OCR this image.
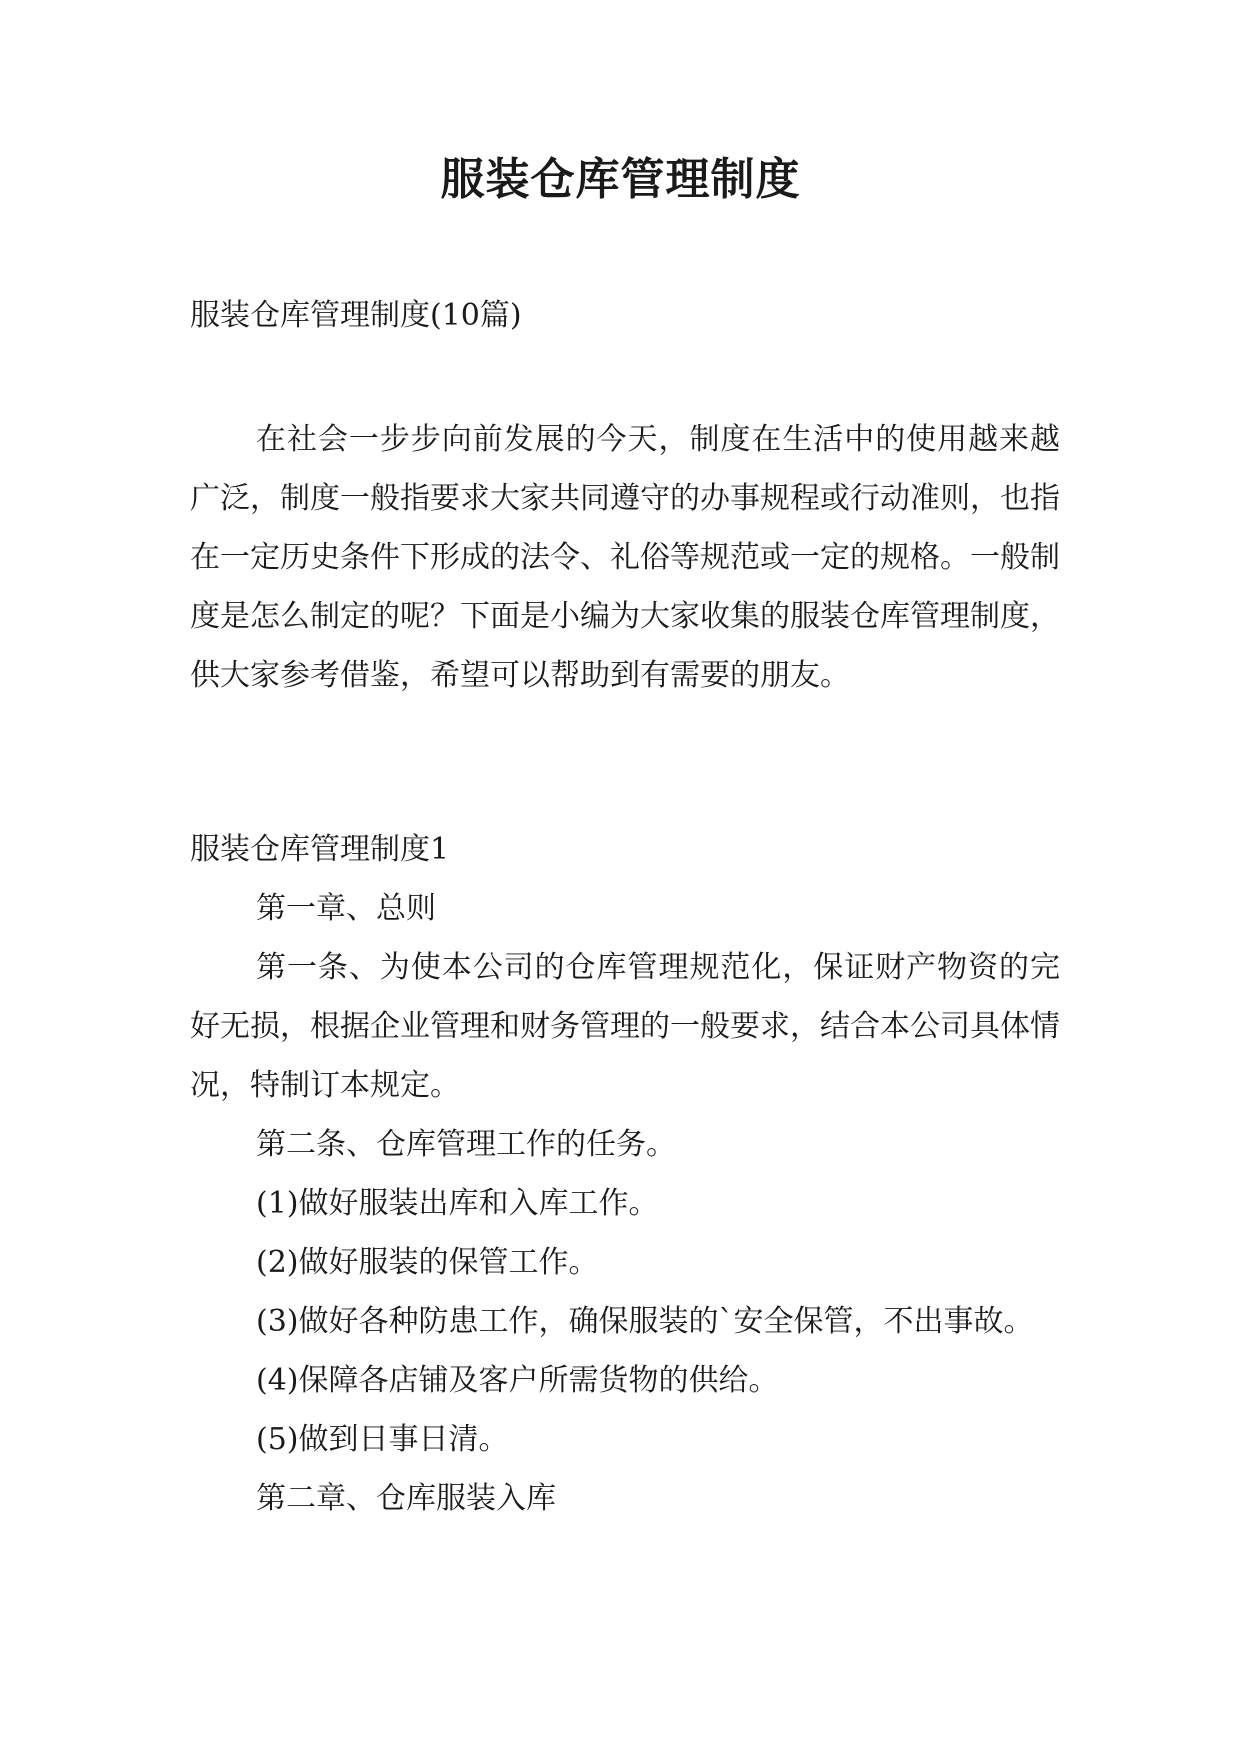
服装仓库管理制度
服装仓库管理制度(10篇)

在社会一步步向前发展的今天，制度在生活中的使用越来越广泛，制度一般指要求大家共同遵守的办事规程或行动准则，也指在一定历史条件下形成的法令、礼俗等规范或一定的规格。一般制度是怎么制定的呢？下面是小编为大家收集的服装仓库管理制度，供大家参考借鉴，希望可以帮助到有需要的朋友。

服装仓库管理制度1

第一章、总则

第一条、为使本公司的仓库管理规范化，保证财产物资的完好无损，根据企业管理和财务管理的一般要求，结合本公司具体情况，特制订本规定。

第二条、仓库管理工作的任务。

(1)做好服装出库和入库工作。

(2)做好服装的保管工作。

(3)做好各种防患工作，确保服装的`安全保管，不出事故。

(4)保障各店铺及客户所需货物的供给。

(5)做到日事日清。

第二章、仓库服装入库
